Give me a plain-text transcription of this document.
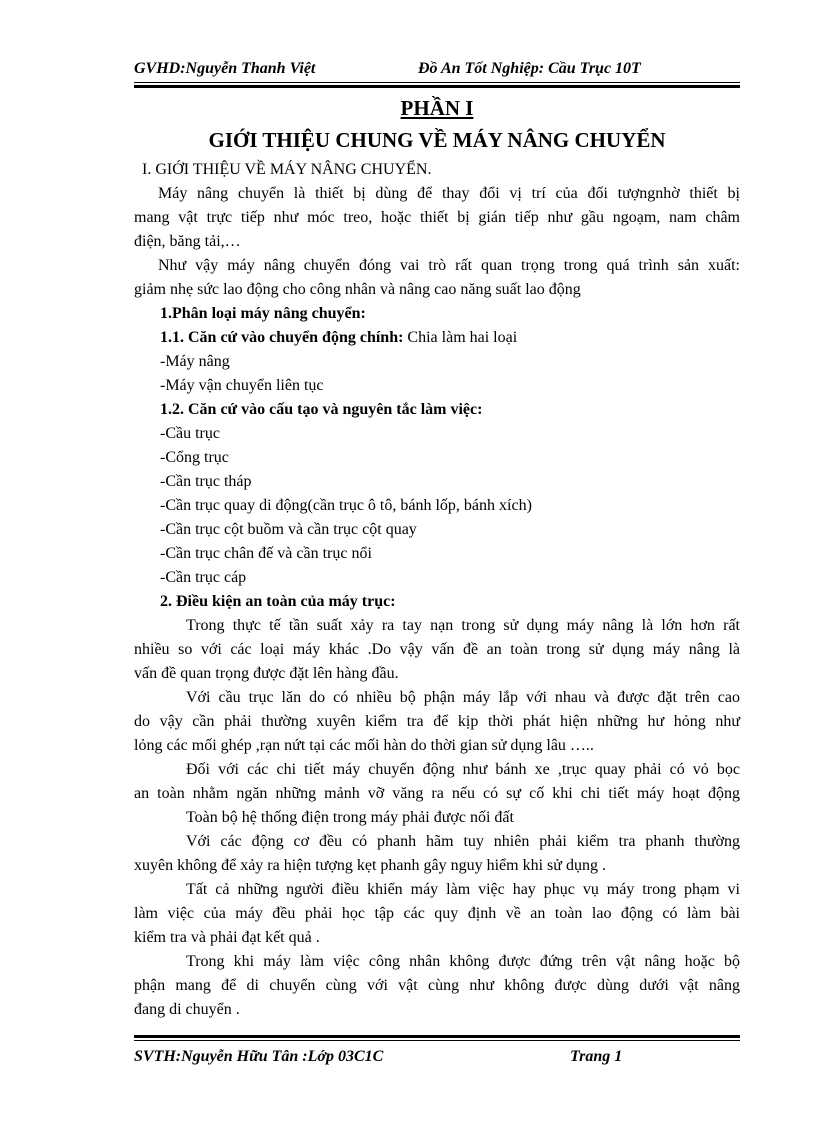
GVHD:Nguyễn Thanh Việt	Đồ An Tốt Nghiệp: Cầu Trục 10T
PHẦN I
GIỚI THIỆU CHUNG VỀ MÁY NÂNG CHUYỂN
I. GIỚI THIỆU VỀ MÁY NÂNG CHUYỂN.
Máy nâng chuyển là thiết bị dùng để thay đổi vị trí của đối tượngnhờ thiết bị
mang vật trực tiếp như móc treo, hoặc thiết bị gián tiếp như gầu ngoạm, nam châm
điện, băng tải,…
Như vậy máy nâng chuyển đóng vai trò rất quan trọng trong quá trình sản xuất:
giảm nhẹ sức lao động cho công nhân và nâng cao năng suất lao động
1.Phân loại máy nâng chuyển:
1.1. Căn cứ vào chuyển động chính: Chia làm hai loại
-Máy nâng
-Máy vận chuyển liên tục
1.2. Căn cứ vào cấu tạo và nguyên tắc làm việc:
-Cầu trục
-Cổng trục
-Cần trục tháp
-Cần trục quay di động(cần trục ô tô, bánh lốp, bánh xích)
-Cần trục cột buồm và cần trục cột quay
-Cần trục chân đế và cần trục nổi
-Cần trục cáp
2. Điều kiện an toàn của máy trục:
Trong thực tế tần suất xảy ra tay nạn trong sử dụng máy nâng là lớn hơn rất
nhiều so với các loại máy khác .Do vậy vấn đề an toàn trong sử dụng máy nâng là
vấn đề quan trọng được đặt lên hàng đầu.
Với cầu trục lăn do có nhiều bộ phận máy lắp với nhau và được đặt trên cao
do vậy cần phải thường xuyên kiểm tra để kịp thời phát hiện những hư hỏng như
lỏng các mối ghép ,rạn nứt tại các mối hàn do thời gian sử dụng lâu …..
Đối với các chi tiết máy chuyển động như bánh xe ,trục quay phải có vỏ bọc
an toàn nhằm ngăn những mảnh vỡ văng ra nếu có sự cố khi chi tiết máy hoạt động
Toàn bộ hệ thống điện trong máy phải được nối đất
Với các động cơ đều có phanh hãm tuy nhiên phải kiểm tra phanh thường
xuyên không để xảy ra hiện tượng kẹt phanh gây nguy hiểm khi sử dụng .
Tất cả những người điều khiển máy làm việc hay phục vụ máy trong phạm vi
làm việc của máy đều phải học tập các quy định về an toàn lao động có làm bài
kiểm tra và phải đạt kết quả .
Trong khi máy làm việc công nhân không được đứng trên vật nâng hoặc bộ
phận mang để di chuyển cùng với vật cùng như không được dùng dưới vật nâng
đang di chuyển .
SVTH:Nguyễn Hữu Tân :Lớp 03C1C	Trang 1
